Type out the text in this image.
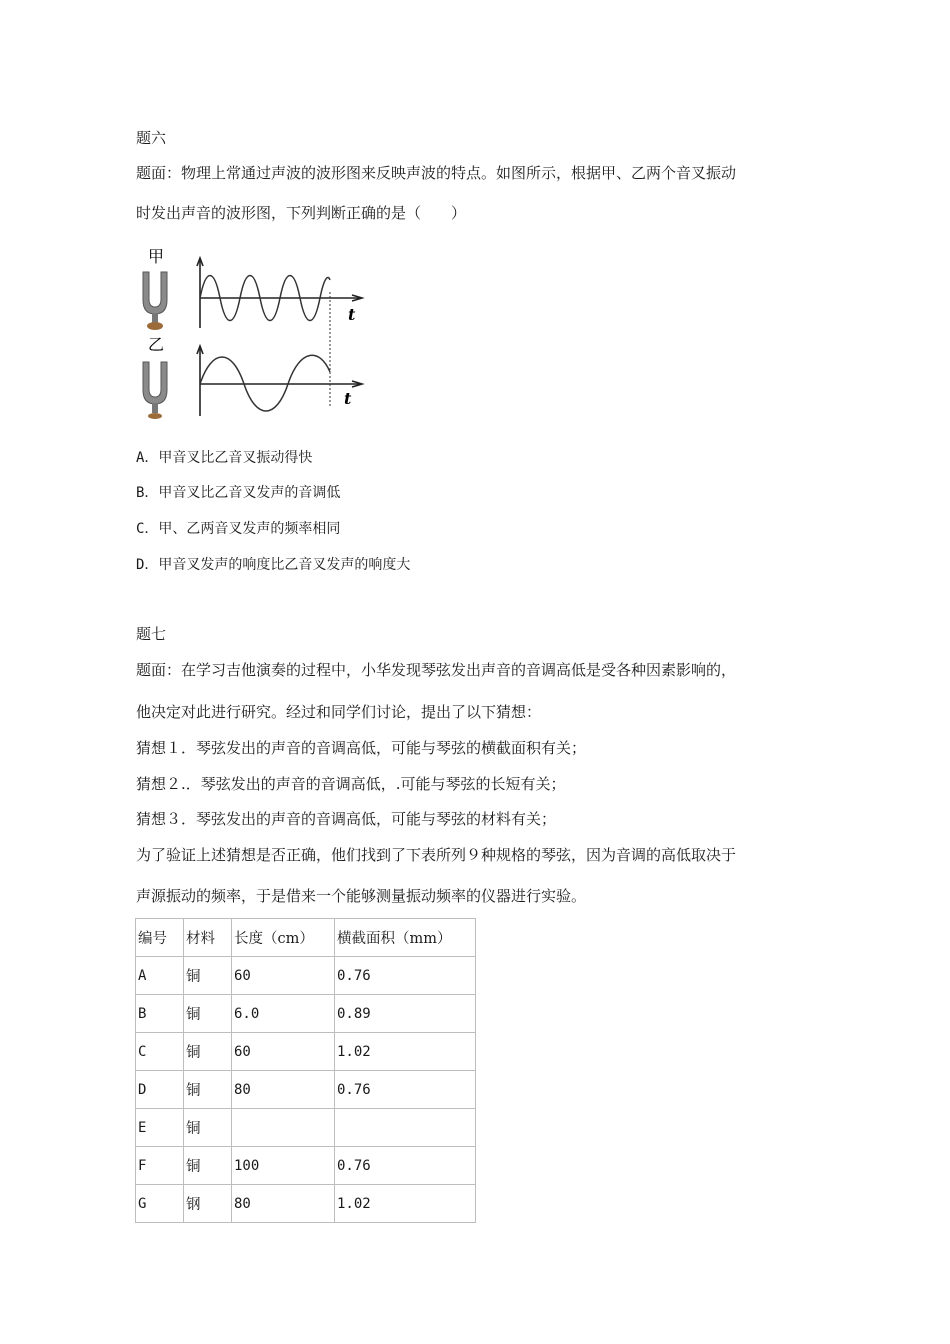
题六
题面：物理上常通过声波的波形图来反映声波的特点。如图所示，根据甲、乙两个音叉振动
时发出声音的波形图，下列判断正确的是（　　）
甲
乙
t
t
A．甲音叉比乙音叉振动得快
B．甲音叉比乙音叉发声的音调低
C．甲、乙两音叉发声的频率相同
D．甲音叉发声的响度比乙音叉发声的响度大
题七
题面：在学习吉他演奏的过程中，小华发现琴弦发出声音的音调高低是受各种因素影响的，
他决定对此进行研究。经过和同学们讨论，提出了以下猜想：
猜想１．琴弦发出的声音的音调高低，可能与琴弦的横截面积有关；
猜想２.．琴弦发出的声音的音调高低，.可能与琴弦的长短有关；
猜想３．琴弦发出的声音的音调高低，可能与琴弦的材料有关；
为了验证上述猜想是否正确，他们找到了下表所列９种规格的琴弦，因为音调的高低取决于
声源振动的频率，于是借来一个能够测量振动频率的仪器进行实验。
编号	材料	长度（cm）	横截面积（mm）
A	铜	60	0.76
B	铜	6.0	0.89
C	铜	60	1.02
D	铜	80	0.76
E	铜		
F	铜	100	0.76
G	钢	80	1.02
